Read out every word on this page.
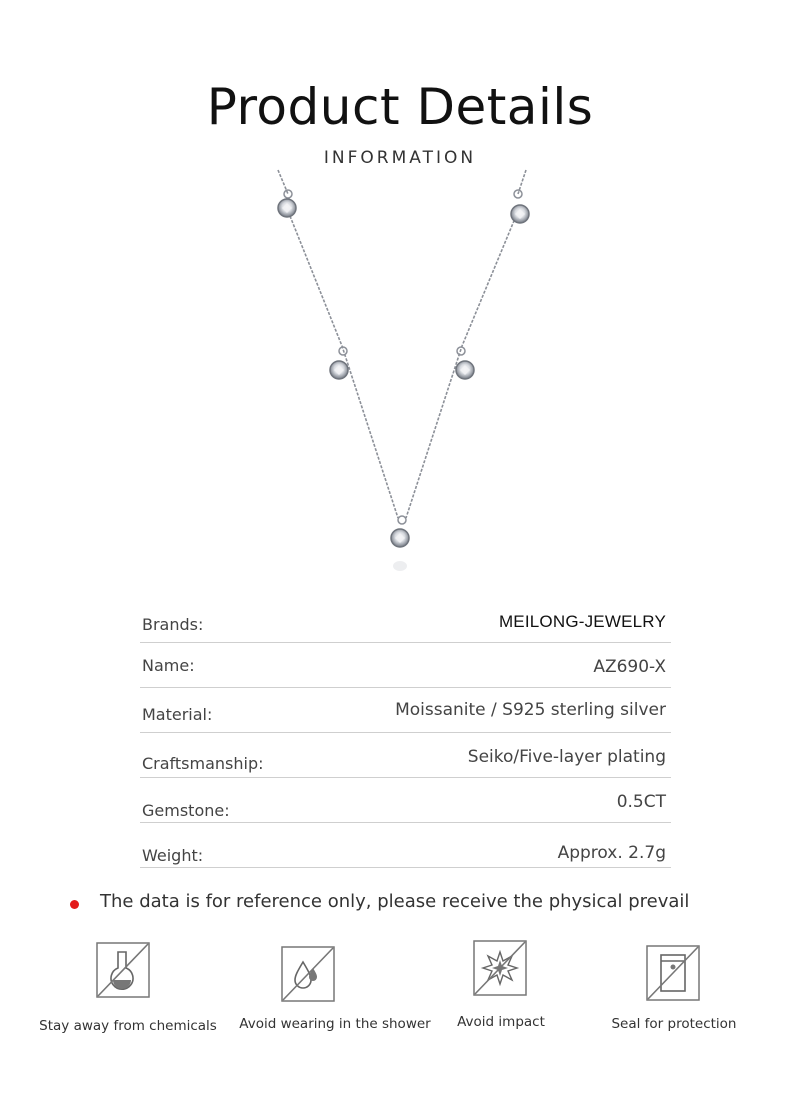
Product Details
INFORMATION
Brands:	MEILONG-JEWELRY
Name:	AZ690-X
Material:	Moissanite / S925 sterling silver
Craftsmanship:	Seiko/Five-layer plating
Gemstone:	0.5CT
Weight:	Approx. 2.7g
The data is for reference only, please receive the physical prevail
Stay away from chemicals	Avoid wearing in the shower	Avoid impact	Seal for protection
